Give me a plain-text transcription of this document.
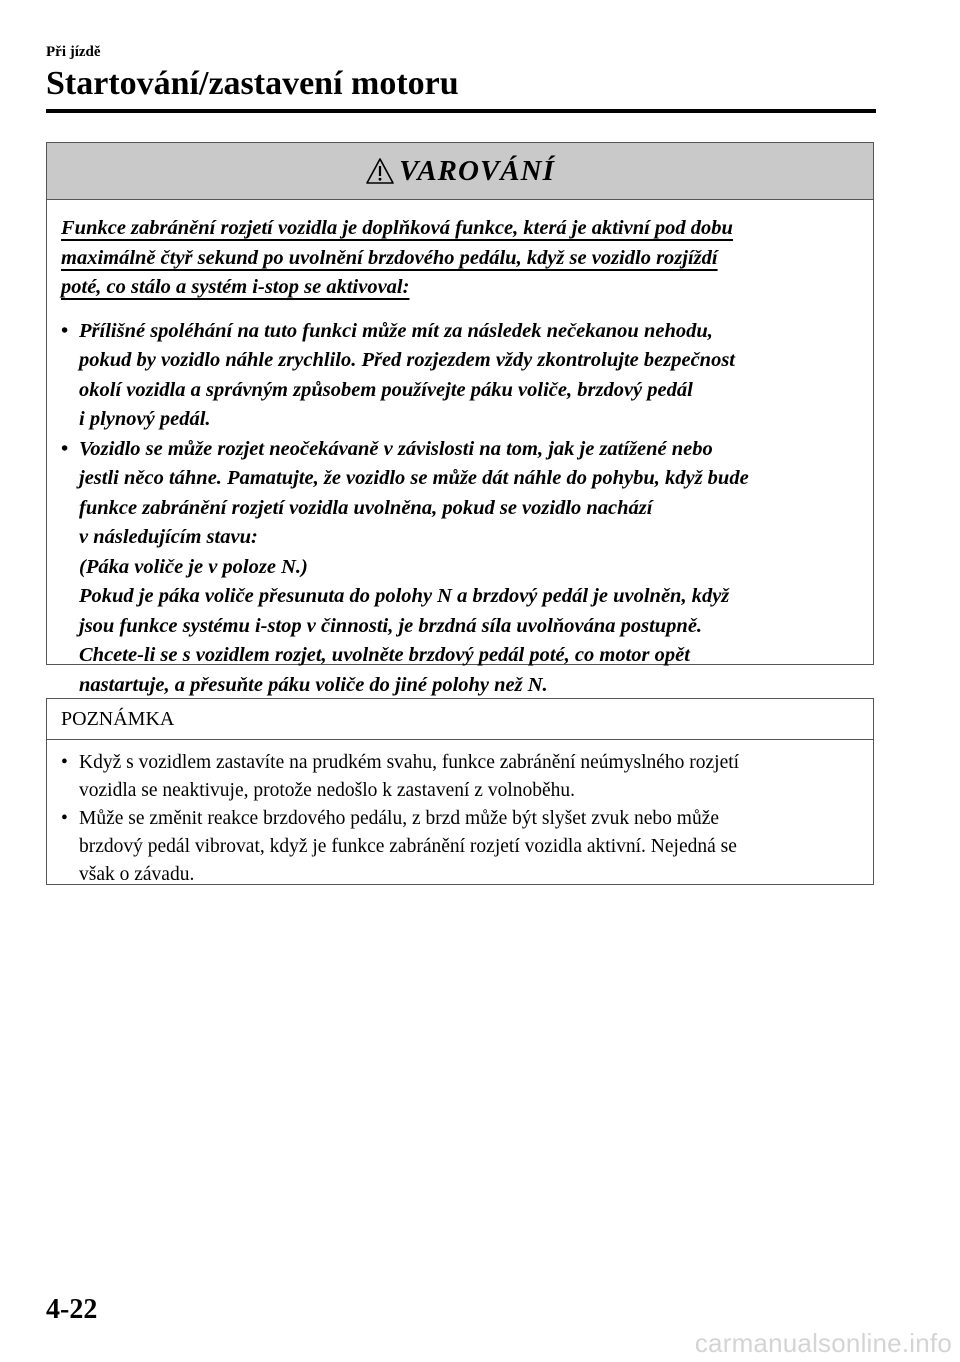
Při jízdě
Startování/zastavení motoru
VAROVÁNÍ

Funkce zabránění rozjetí vozidla je doplňková funkce, která je aktivní pod dobu
maximálně čtyř sekund po uvolnění brzdového pedálu, když se vozidlo rozjíždí
poté, co stálo a systém i-stop se aktivoval:

• Přílišné spoléhání na tuto funkci může mít za následek nečekanou nehodu,
pokud by vozidlo náhle zrychlilo. Před rozjezdem vždy zkontrolujte bezpečnost
okolí vozidla a správným způsobem používejte páku voliče, brzdový pedál
i plynový pedál.
• Vozidlo se může rozjet neočekávaně v závislosti na tom, jak je zatížené nebo
jestli něco táhne. Pamatujte, že vozidlo se může dát náhle do pohybu, když bude
funkce zabránění rozjetí vozidla uvolněna, pokud se vozidlo nachází
v následujícím stavu:
(Páka voliče je v poloze N.)
Pokud je páka voliče přesunuta do polohy N a brzdový pedál je uvolněn, když
jsou funkce systému i-stop v činnosti, je brzdná síla uvolňována postupně.
Chcete-li se s vozidlem rozjet, uvolněte brzdový pedál poté, co motor opět
nastartuje, a přesuňte páku voliče do jiné polohy než N.
POZNÁMKA
• Když s vozidlem zastavíte na prudkém svahu, funkce zabránění neúmyslného rozjetí
vozidla se neaktivuje, protože nedošlo k zastavení z volnoběhu.
• Může se změnit reakce brzdového pedálu, z brzd může být slyšet zvuk nebo může
brzdový pedál vibrovat, když je funkce zabránění rozjetí vozidla aktivní. Nejedná se
však o závadu.
4-22
carmanualsonline.info
